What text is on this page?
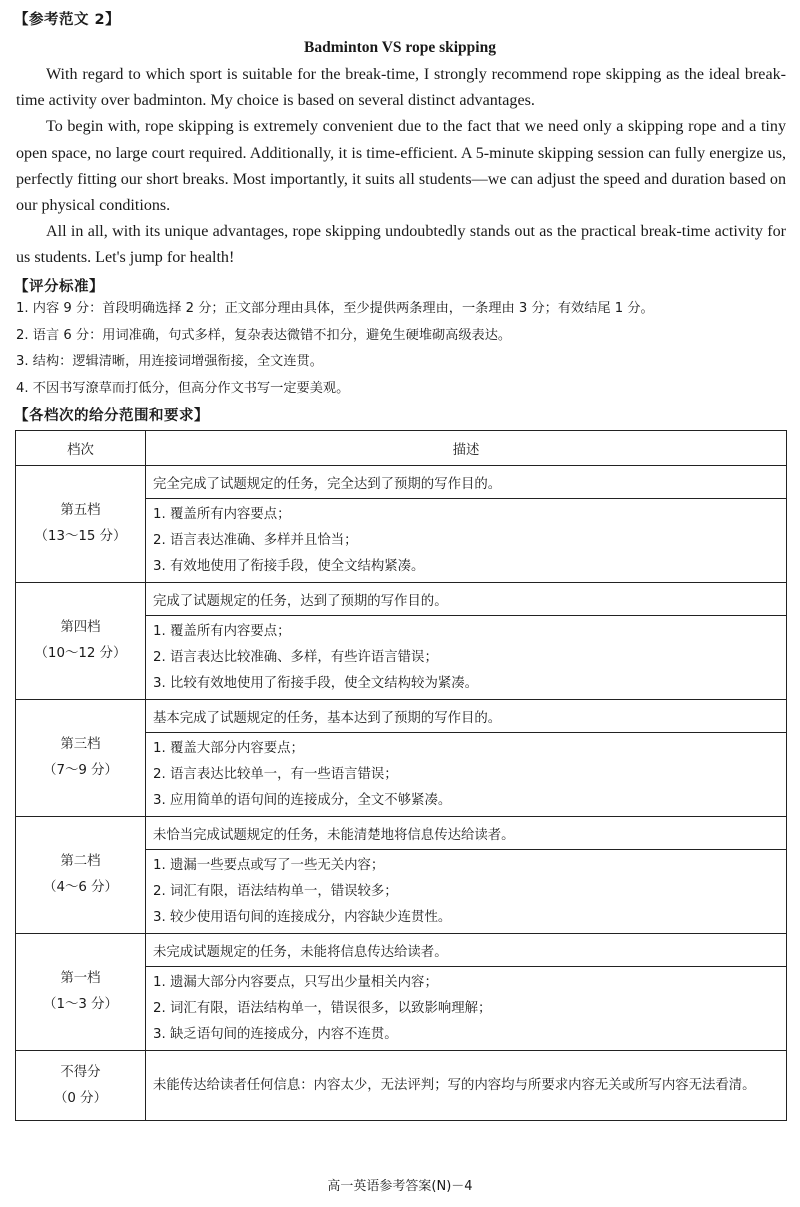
【参考范文 2】
Badminton VS rope skipping

With regard to which sport is suitable for the break-time, I strongly recommend rope skipping as the ideal break-time activity over badminton. My choice is based on several distinct advantages.

To begin with, rope skipping is extremely convenient due to the fact that we need only a skipping rope and a tiny open space, no large court required. Additionally, it is time-efficient. A 5-minute skipping session can fully energize us, perfectly fitting our short breaks. Most importantly, it suits all students—we can adjust the speed and duration based on our physical conditions.

All in all, with its unique advantages, rope skipping undoubtedly stands out as the practical break-time activity for us students. Let's jump for health!

【评分标准】
1. 内容 9 分：首段明确选择 2 分；正文部分理由具体，至少提供两条理由，一条理由 3 分；有效结尾 1 分。
2. 语言 6 分：用词准确，句式多样，复杂表达微错不扣分，避免生硬堆砌高级表达。
3. 结构：逻辑清晰，用连接词增强衔接，全文连贯。
4. 不因书写潦草而打低分，但高分作文书写一定要美观。
【各档次的给分范围和要求】
档次	描述

第五档
（13～15 分）	完全完成了试题规定的任务，完全达到了预期的写作目的。

	1. 覆盖所有内容要点；
2. 语言表达准确、多样并且恰当；
3. 有效地使用了衔接手段，使全文结构紧凑。

第四档
（10～12 分）	完成了试题规定的任务，达到了预期的写作目的。

	1. 覆盖所有内容要点；
2. 语言表达比较准确、多样，有些许语言错误；
3. 比较有效地使用了衔接手段，使全文结构较为紧凑。

第三档
（7～9 分）	基本完成了试题规定的任务，基本达到了预期的写作目的。

	1. 覆盖大部分内容要点；
2. 语言表达比较单一，有一些语言错误；
3. 应用简单的语句间的连接成分，全文不够紧凑。

第二档
（4～6 分）	未恰当完成试题规定的任务，未能清楚地将信息传达给读者。

	1. 遗漏一些要点或写了一些无关内容；
2. 词汇有限，语法结构单一，错误较多；
3. 较少使用语句间的连接成分，内容缺少连贯性。

第一档
（1～3 分）	未完成试题规定的任务，未能将信息传达给读者。

	1. 遗漏大部分内容要点，只写出少量相关内容；
2. 词汇有限，语法结构单一，错误很多，以致影响理解；
3. 缺乏语句间的连接成分，内容不连贯。

不得分
（0 分）	未能传达给读者任何信息：内容太少，无法评判；写的内容均与所要求内容无关或所写内容无法看清。
高一英语参考答案(N)－4
